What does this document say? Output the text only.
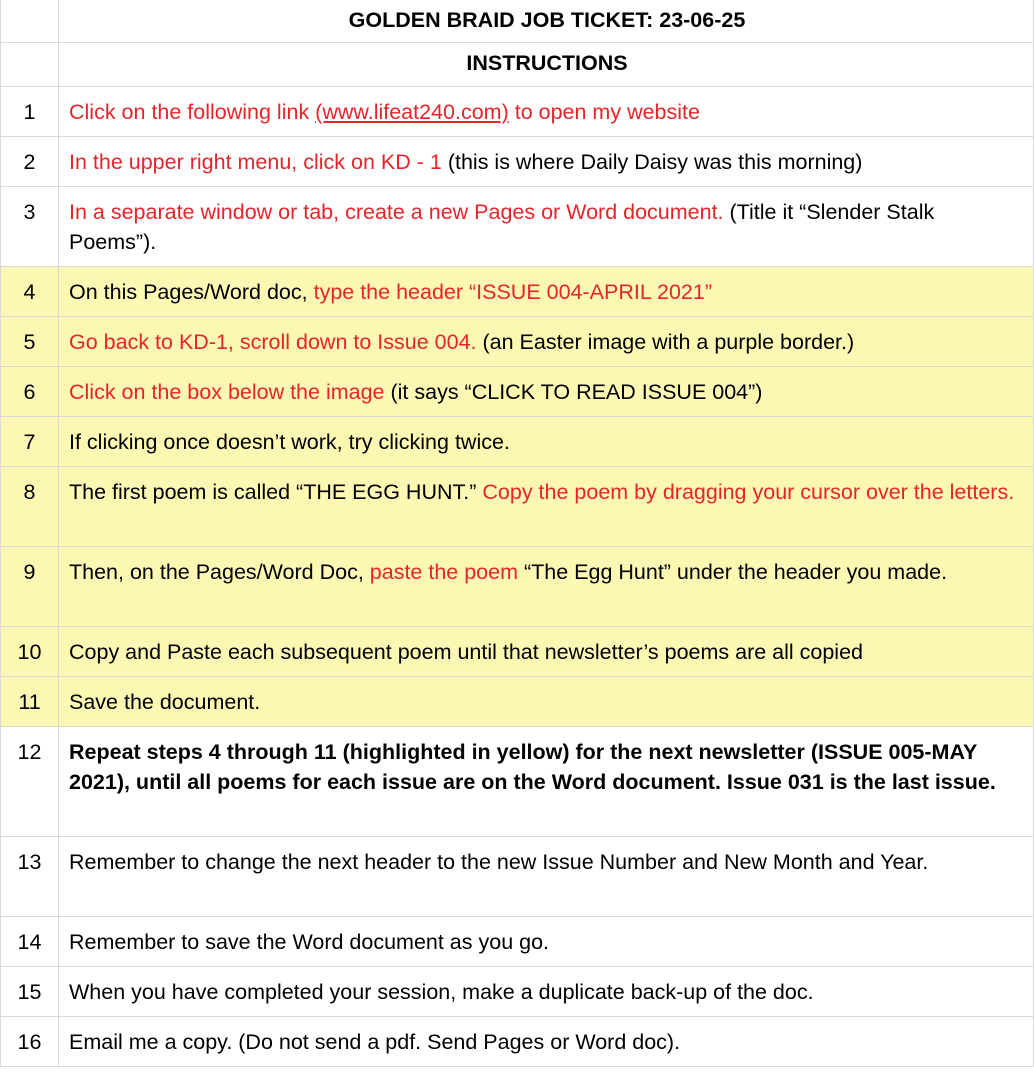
	GOLDEN BRAID JOB TICKET: 23-06-25
	INSTRUCTIONS
1	Click on the following link (www.lifeat240.com) to open my website
2	In the upper right menu, click on KD - 1 (this is where Daily Daisy was this morning)
3	In a separate window or tab, create a new Pages or Word document. (Title it “Slender Stalk Poems”).
4	On this Pages/Word doc, type the header “ISSUE 004-APRIL 2021”
5	Go back to KD-1, scroll down to Issue 004. (an Easter image with a purple border.)
6	Click on the box below the image (it says “CLICK TO READ ISSUE 004”)
7	If clicking once doesn’t work, try clicking twice.
8	The first poem is called “THE EGG HUNT.” Copy the poem by dragging your cursor over the letters.
9	Then, on the Pages/Word Doc, paste the poem “The Egg Hunt” under the header you made.
10	Copy and Paste each subsequent poem until that newsletter’s poems are all copied
11	Save the document.
12	Repeat steps 4 through 11 (highlighted in yellow) for the next newsletter (ISSUE 005-MAY 2021), until all poems for each issue are on the Word document. Issue 031 is the last issue.
13	Remember to change the next header to the new Issue Number and New Month and Year.
14	Remember to save the Word document as you go.
15	When you have completed your session, make a duplicate back-up of the doc.
16	Email me a copy. (Do not send a pdf. Send Pages or Word doc).
